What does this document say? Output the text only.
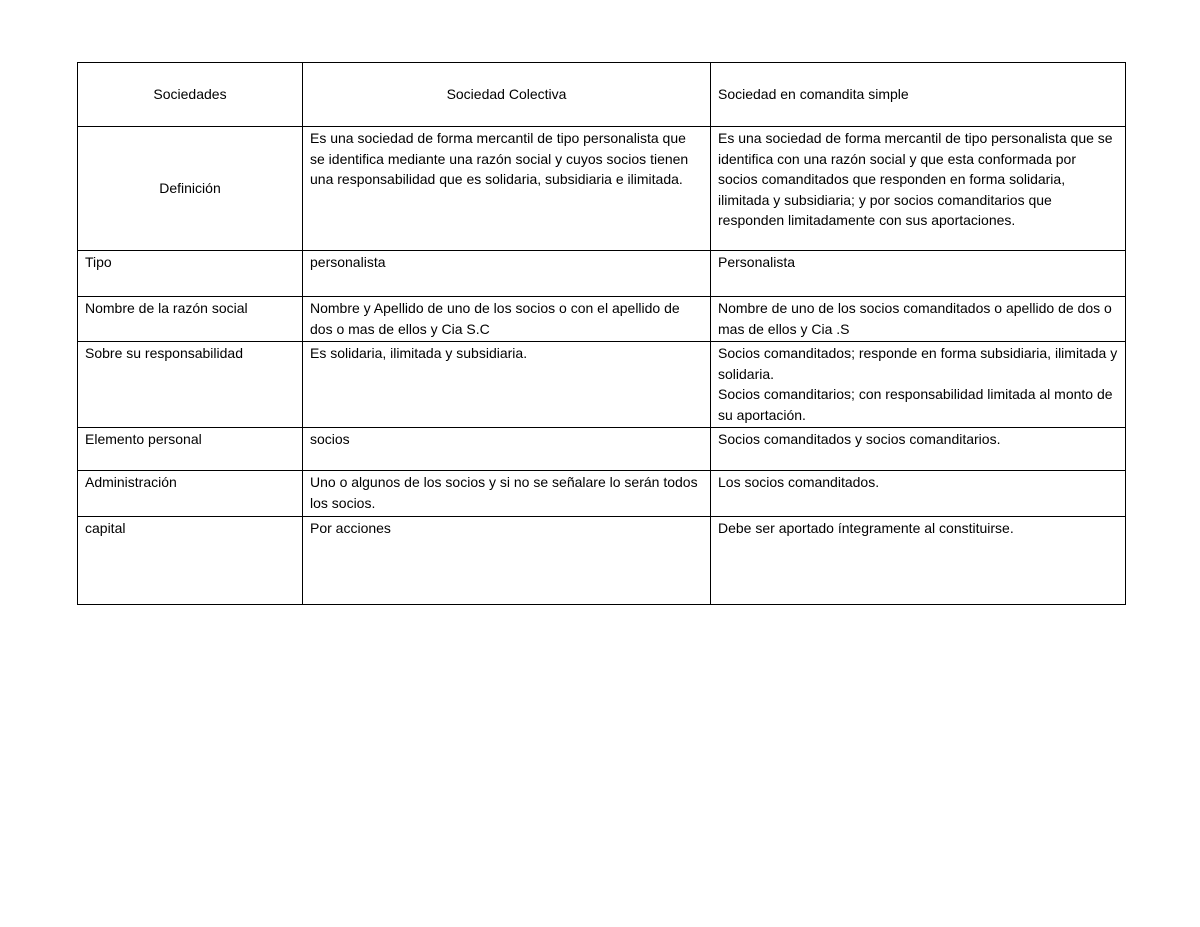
Sociedades	Sociedad Colectiva	Sociedad en comandita simple
Definición	Es una sociedad de forma mercantil de tipo personalista que se identifica mediante una razón social y cuyos socios tienen una responsabilidad que es solidaria, subsidiaria e ilimitada.	Es una sociedad de forma mercantil de tipo personalista que se identifica con una razón social y que esta conformada por socios comanditados que responden en forma solidaria, ilimitada y subsidiaria; y por socios comanditarios que responden limitadamente con sus aportaciones.
Tipo	personalista	Personalista
Nombre de la razón social	Nombre y Apellido de uno de los socios o con el apellido de dos o mas de ellos y Cia S.C	Nombre de uno de los socios comanditados o apellido de dos o mas de ellos y Cia .S
Sobre su responsabilidad	Es solidaria, ilimitada y subsidiaria.	Socios comanditados; responde en forma subsidiaria, ilimitada y solidaria.
Socios comanditarios; con responsabilidad limitada al monto de su aportación.

Elemento personal	socios	Socios comanditados y socios comanditarios.
Administración	Uno o algunos de los socios y si no se señalare lo serán todos los socios.	Los socios comanditados.
capital	Por acciones	Debe ser aportado íntegramente al constituirse.
